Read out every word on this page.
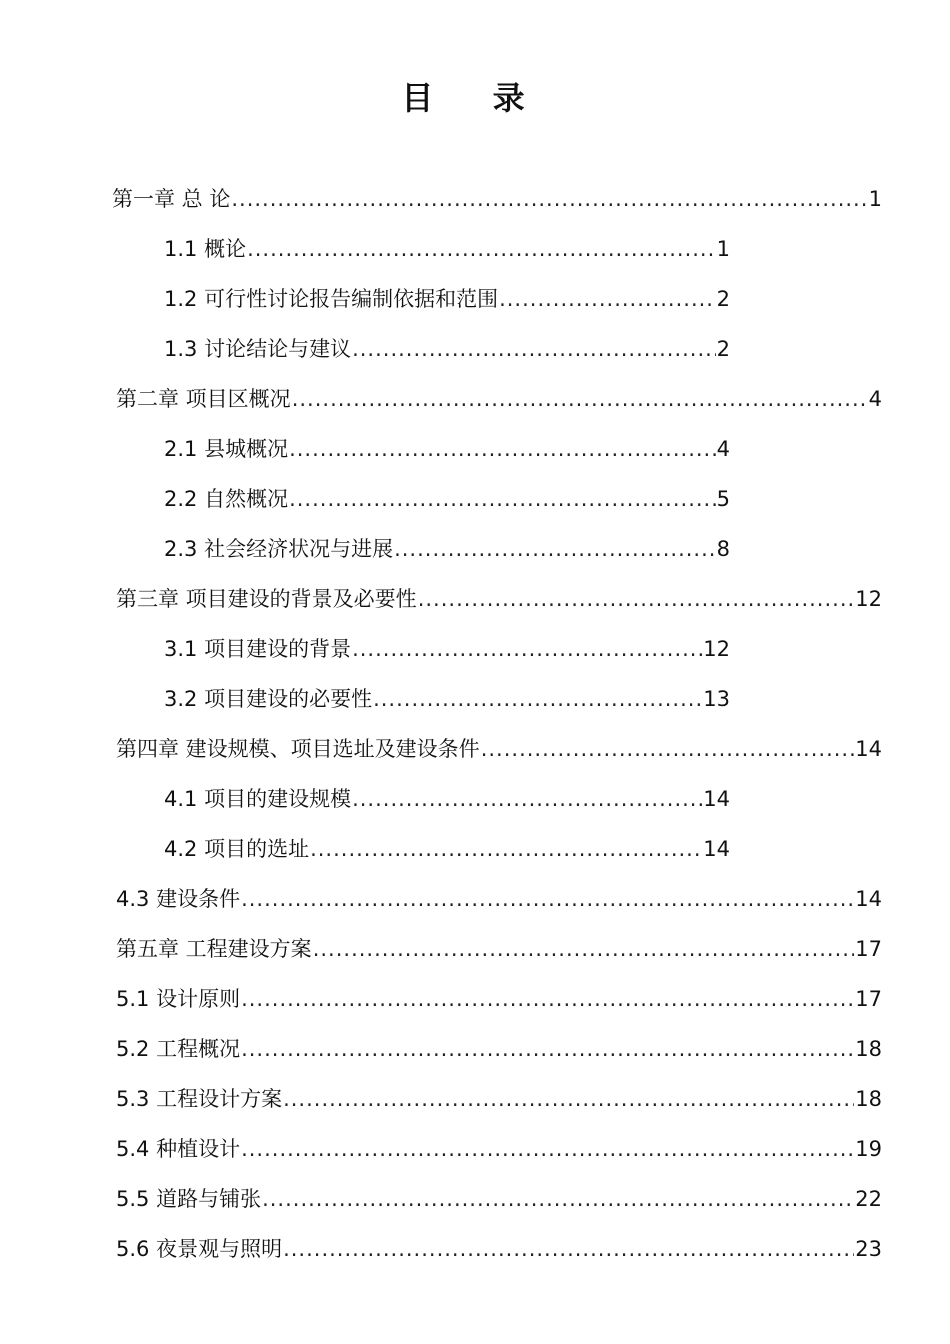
目 录
第一章 总 论 .....	1
1.1 概论 .....	1
1.2 可行性讨论报告编制依据和范围 .....	2
1.3 讨论结论与建议 .....	2
第二章 项目区概况 .....	4
2.1 县城概况 .....	4
2.2 自然概况 .....	5
2.3 社会经济状况与进展 .....	8
第三章 项目建设的背景及必要性 .....	12
3.1 项目建设的背景 .....	12
3.2 项目建设的必要性 .....	13
第四章 建设规模、项目选址及建设条件 .....	14
4.1 项目的建设规模 .....	14
4.2 项目的选址 .....	14
4.3 建设条件 .....	14
第五章 工程建设方案 .....	17
5.1 设计原则 .....	17
5.2 工程概况 .....	18
5.3 工程设计方案 .....	18
5.4 种植设计 .....	19
5.5 道路与铺张 .....	22
5.6 夜景观与照明 .....	23
